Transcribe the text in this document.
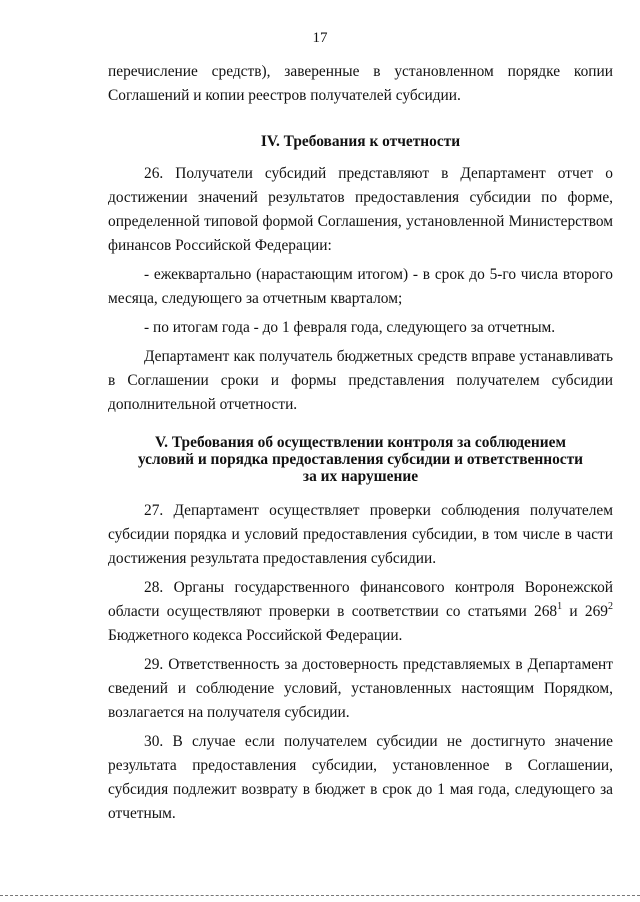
17

перечисление средств), заверенные в установленном порядке копии

Соглашений и копии реестров получателей субсидии.

IV. Требования к отчетности

26. Получатели субсидий представляют в Департамент отчет о достижении значений результатов предоставления субсидии по форме, определенной типовой формой Соглашения, установленной Министерством финансов Российской Федерации:

- ежеквартально (нарастающим итогом) - в срок до 5-го числа второго месяца, следующего за отчетным кварталом;

- по итогам года - до 1 февраля года, следующего за отчетным.

Департамент как получатель бюджетных средств вправе устанавливать в Соглашении сроки и формы представления получателем субсидии дополнительной отчетности.

V. Требования об осуществлении контроля за соблюдением
условий и порядка предоставления субсидии и ответственности
за их нарушение

27. Департамент осуществляет проверки соблюдения получателем субсидии порядка и условий предоставления субсидии, в том числе в части достижения результата предоставления субсидии.

28. Органы государственного финансового контроля Воронежской области осуществляют проверки в соответствии со статьями $268^1$ и $269^2$ Бюджетного кодекса Российской Федерации.

29. Ответственность за достоверность представляемых в Департамент сведений и соблюдение условий, установленных настоящим Порядком, возлагается на получателя субсидии.

30. В случае если получателем субсидии не достигнуто значение результата предоставления субсидии, установленное в Соглашении, субсидия подлежит возврату в бюджет в срок до 1 мая года, следующего за отчетным.
